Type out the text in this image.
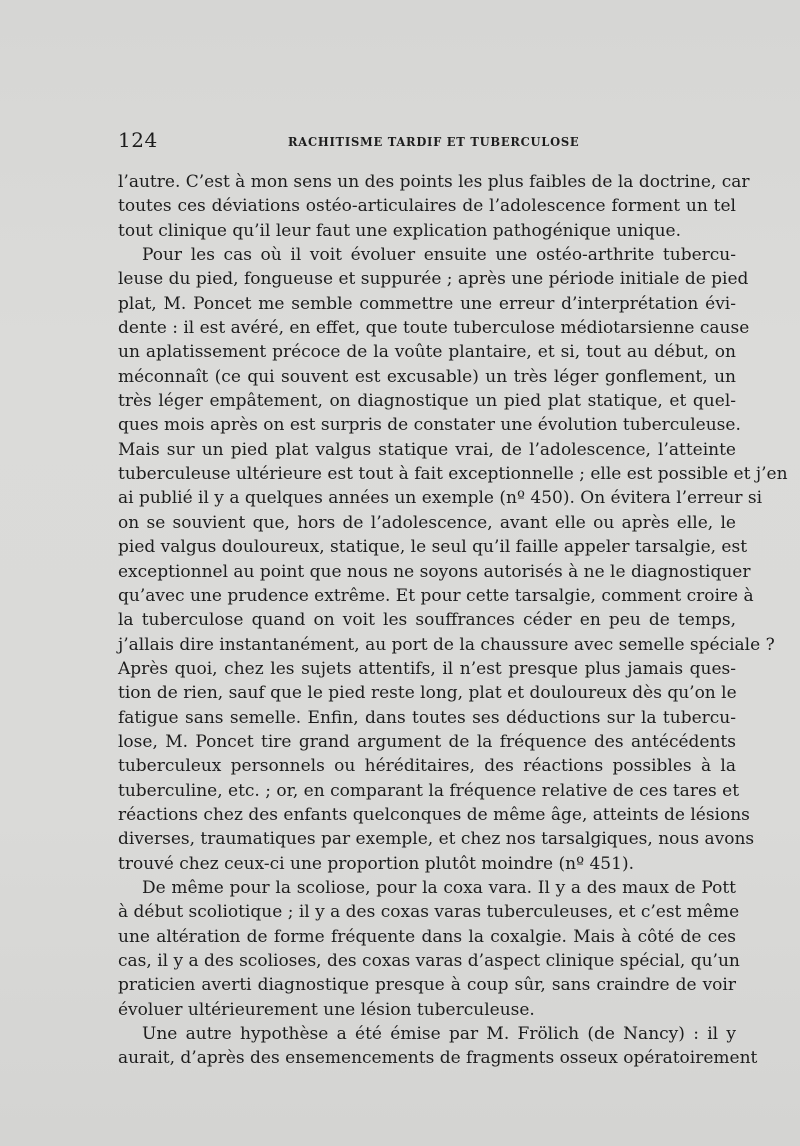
124	RACHITISME TARDIF ET TUBERCULOSE
l’autre. C’est à mon sens un des points les plus faibles de la doctrine, car
toutes ces déviations ostéo-articulaires de l’adolescence forment un tel
tout clinique qu’il leur faut une explication pathogénique unique.
Pour les cas où il voit évoluer ensuite une ostéo-arthrite tubercu-
leuse du pied, fongueuse et suppurée ; après une période initiale de pied
plat, M. Poncet me semble commettre une erreur d’interprétation évi-
dente : il est avéré, en effet, que toute tuberculose médiotarsienne cause
un aplatissement précoce de la voûte plantaire, et si, tout au début, on
méconnaît (ce qui souvent est excusable) un très léger gonflement, un
très léger empâtement, on diagnostique un pied plat statique, et quel-
ques mois après on est surpris de constater une évolution tuberculeuse.
Mais sur un pied plat valgus statique vrai, de l’adolescence, l’atteinte
tuberculeuse ultérieure est tout à fait exceptionnelle ; elle est possible et j’en
ai publié il y a quelques années un exemple (nº 450). On évitera l’erreur si
on se souvient que, hors de l’adolescence, avant elle ou après elle, le
pied valgus douloureux, statique, le seul qu’il faille appeler tarsalgie, est
exceptionnel au point que nous ne soyons autorisés à ne le diagnostiquer
qu’avec une prudence extrême. Et pour cette tarsalgie, comment croire à
la tuberculose quand on voit les souffrances céder en peu de temps,
j’allais dire instantanément, au port de la chaussure avec semelle spéciale ?
Après quoi, chez les sujets attentifs, il n’est presque plus jamais ques-
tion de rien, sauf que le pied reste long, plat et douloureux dès qu’on le
fatigue sans semelle. Enfin, dans toutes ses déductions sur la tubercu-
lose, M. Poncet tire grand argument de la fréquence des antécédents
tuberculeux personnels ou héréditaires, des réactions possibles à la
tuberculine, etc. ; or, en comparant la fréquence relative de ces tares et
réactions chez des enfants quelconques de même âge, atteints de lésions
diverses, traumatiques par exemple, et chez nos tarsalgiques, nous avons
trouvé chez ceux-ci une proportion plutôt moindre (nº 451).
De même pour la scoliose, pour la coxa vara. Il y a des maux de Pott
à début scoliotique ; il y a des coxas varas tuberculeuses, et c’est même
une altération de forme fréquente dans la coxalgie. Mais à côté de ces
cas, il y a des scolioses, des coxas varas d’aspect clinique spécial, qu’un
praticien averti diagnostique presque à coup sûr, sans craindre de voir
évoluer ultérieurement une lésion tuberculeuse.
Une autre hypothèse a été émise par M. Frölich (de Nancy) : il y
aurait, d’après des ensemencements de fragments osseux opératoirement
